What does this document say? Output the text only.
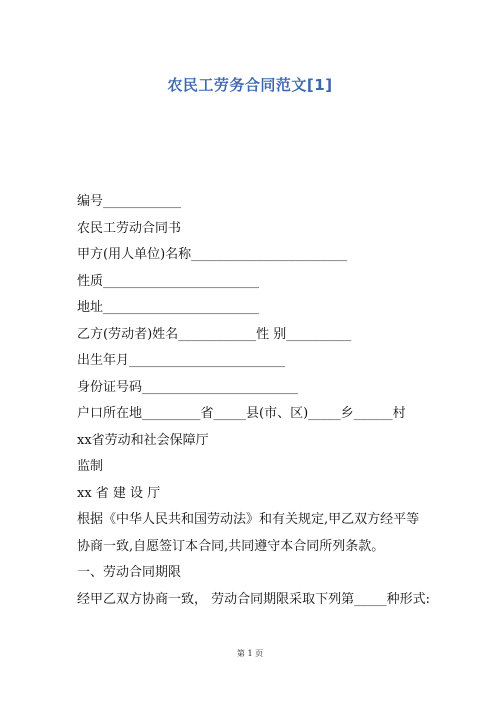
农民工劳务合同范文[1]
编号____________
农民工劳动合同书
甲方(用人单位)名称________________________
性质________________________
地址________________________
乙方(劳动者)姓名____________性 别__________
出生年月________________________
身份证号码________________________
户口所在地_________省_____县(市、区)_____乡______村
xx省劳动和社会保障厅
监制
xx 省 建 设 厅
根据《中华人民共和国劳动法》和有关规定,甲乙双方经平等协商一致,自愿签订本合同,共同遵守本合同所列条款。
一、劳动合同期限
经甲乙双方协商一致， 劳动合同期限采取下列第_____种形式:
第 1 页
